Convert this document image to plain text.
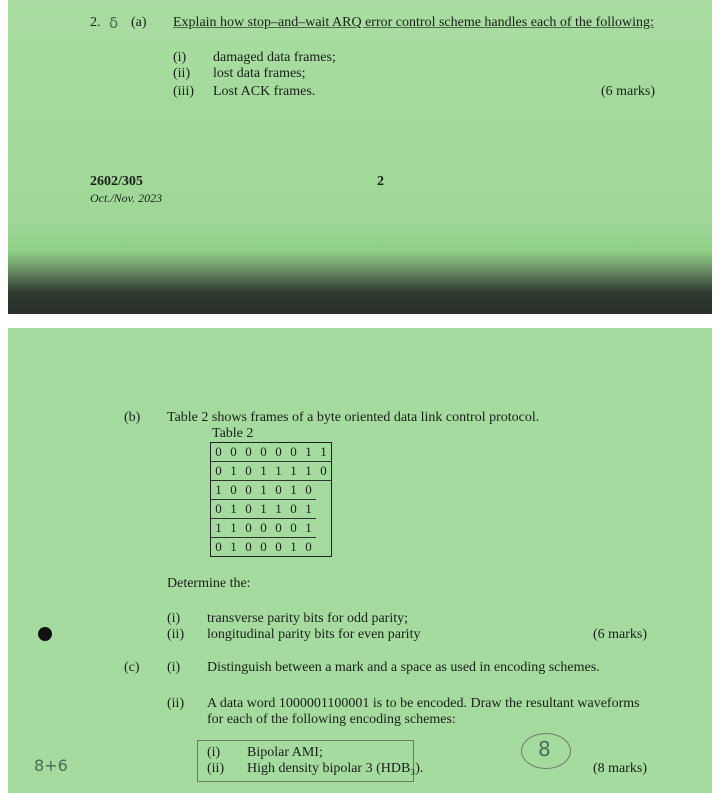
2. δ (a) Explain how stop–and–wait ARQ error control scheme handles each of the following:
(i) damaged data frames;
(ii) lost data frames;
(iii) Lost ACK frames.	(6 marks)
2602/305
Oct./Nov. 2023
2
(b) Table 2 shows frames of a byte oriented data link control protocol.
Table 2
0	0	0	0	0	0	1	1
0	1	0	1	1	1	1	0
1	0	0	1	0	1	0	
0	1	0	1	1	0	1	
1	1	0	0	0	0	1	
0	1	0	0	0	1	0	
Determine the:
(i) transverse parity bits for odd parity;
(ii) longitudinal parity bits for even parity	(6 marks)
(c) (i) Distinguish between a mark and a space as used in encoding schemes.
(ii) A data word 1000001100001 is to be encoded. Draw the resultant waveforms
for each of the following encoding schemes:
(i) Bipolar AMI;
(ii) High density bipolar 3 (HDB₃).
8
8+6	(8 marks)
